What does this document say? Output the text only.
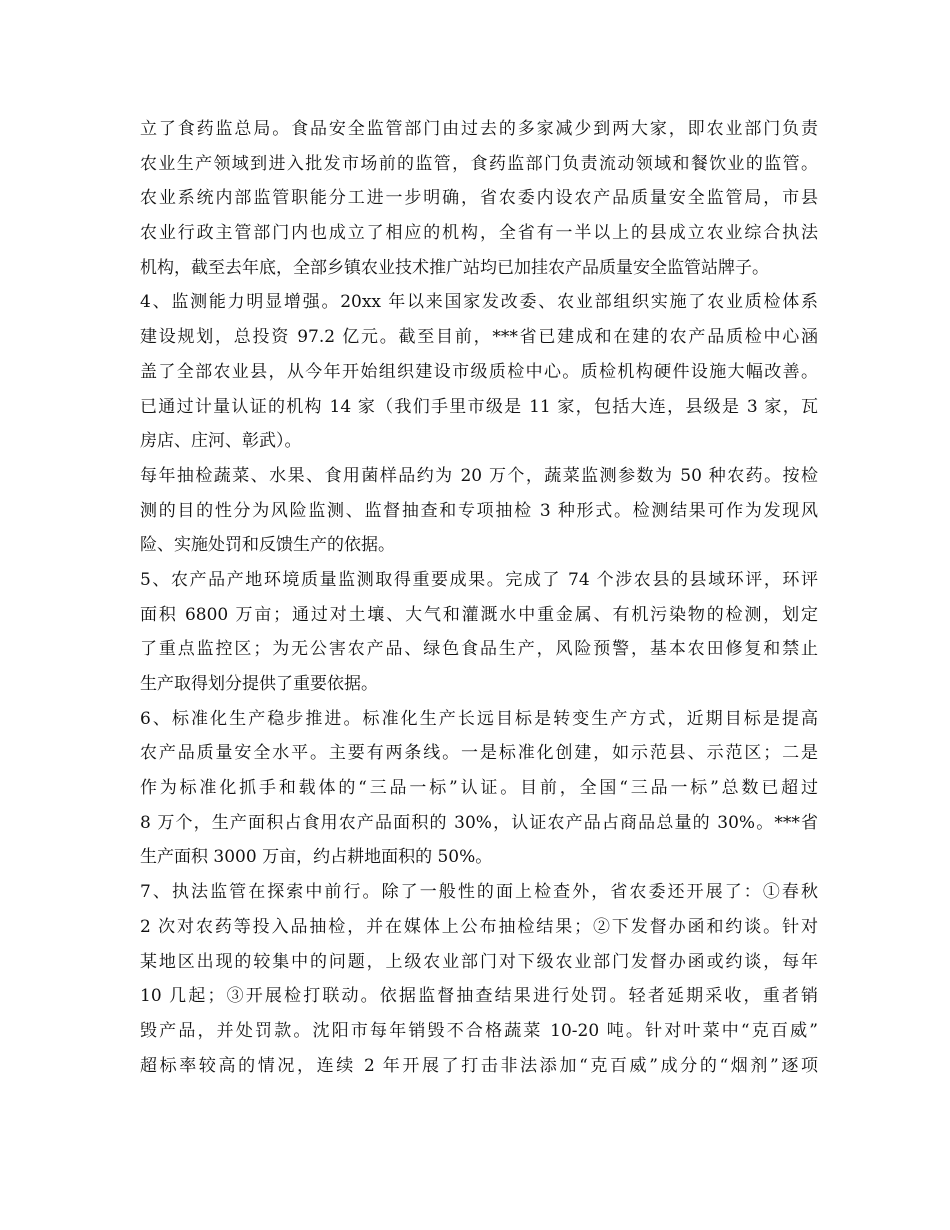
立了食药监总局。食品安全监管部门由过去的多家减少到两大家，即农业部门负责
农业生产领域到进入批发市场前的监管，食药监部门负责流动领域和餐饮业的监管。
农业系统内部监管职能分工进一步明确，省农委内设农产品质量安全监管局，市县
农业行政主管部门内也成立了相应的机构，全省有一半以上的县成立农业综合执法
机构，截至去年底，全部乡镇农业技术推广站均已加挂农产品质量安全监管站牌子。
4、监测能力明显增强。20xx 年以来国家发改委、农业部组织实施了农业质检体系
建设规划，总投资 97.2 亿元。截至目前，***省已建成和在建的农产品质检中心涵
盖了全部农业县，从今年开始组织建设市级质检中心。质检机构硬件设施大幅改善。
已通过计量认证的机构 14 家（我们手里市级是 11 家，包括大连，县级是 3 家，瓦
房店、庄河、彰武）。
每年抽检蔬菜、水果、食用菌样品约为 20 万个，蔬菜监测参数为 50 种农药。按检
测的目的性分为风险监测、监督抽查和专项抽检 3 种形式。检测结果可作为发现风
险、实施处罚和反馈生产的依据。
5、农产品产地环境质量监测取得重要成果。完成了 74 个涉农县的县域环评，环评
面积 6800 万亩；通过对土壤、大气和灌溉水中重金属、有机污染物的检测，划定
了重点监控区；为无公害农产品、绿色食品生产，风险预警，基本农田修复和禁止
生产取得划分提供了重要依据。
6、标准化生产稳步推进。标准化生产长远目标是转变生产方式，近期目标是提高
农产品质量安全水平。主要有两条线。一是标准化创建，如示范县、示范区；二是
作为标准化抓手和载体的“三品一标”认证。目前，全国“三品一标”总数已超过
8 万个，生产面积占食用农产品面积的 30%，认证农产品占商品总量的 30%。***省
生产面积 3000 万亩，约占耕地面积的 50%。
7、执法监管在探索中前行。除了一般性的面上检查外，省农委还开展了：①春秋
2 次对农药等投入品抽检，并在媒体上公布抽检结果；②下发督办函和约谈。针对
某地区出现的较集中的问题，上级农业部门对下级农业部门发督办函或约谈，每年
10 几起；③开展检打联动。依据监督抽查结果进行处罚。轻者延期采收，重者销
毁产品，并处罚款。沈阳市每年销毁不合格蔬菜 10-20 吨。针对叶菜中“克百威”
超标率较高的情况，连续 2 年开展了打击非法添加“克百威”成分的“烟剂”逐项
